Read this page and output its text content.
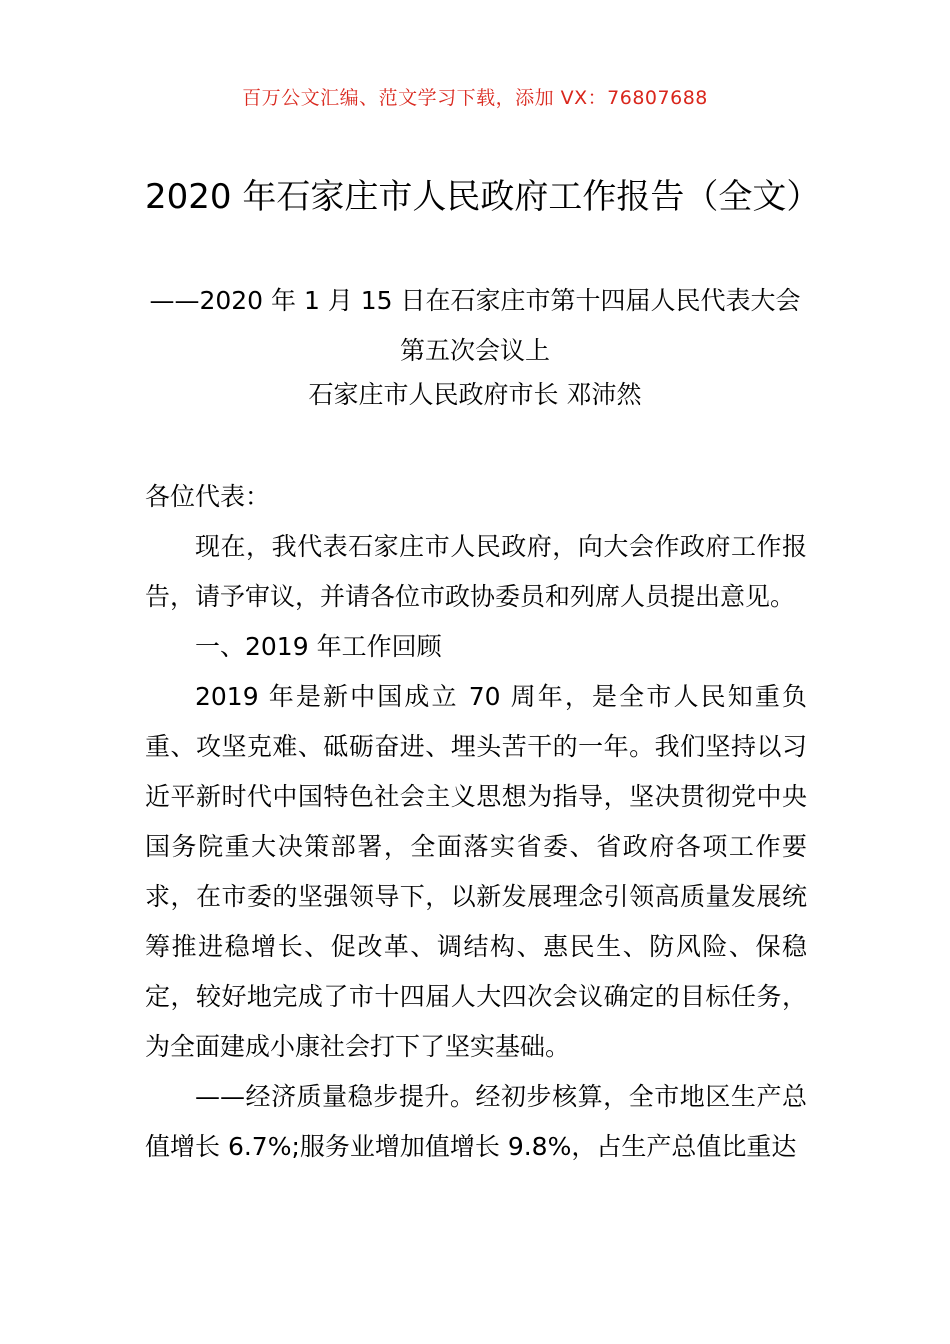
百万公文汇编、范文学习下载，添加 VX：76807688
2020 年石家庄市人民政府工作报告（全文）
——2020 年 1 月 15 日在石家庄市第十四届人民代表大会第五次会议上
石家庄市人民政府市长 邓沛然

各位代表：

现在，我代表石家庄市人民政府，向大会作政府工作报告，请予审议，并请各位市政协委员和列席人员提出意见。

一、2019 年工作回顾

2019 年是新中国成立 70 周年，是全市人民知重负重、攻坚克难、砥砺奋进、埋头苦干的一年。我们坚持以习近平新时代中国特色社会主义思想为指导，坚决贯彻党中央国务院重大决策部署，全面落实省委、省政府各项工作要求，在市委的坚强领导下，以新发展理念引领高质量发展统筹推进稳增长、促改革、调结构、惠民生、防风险、保稳定，较好地完成了市十四届人大四次会议确定的目标任务，为全面建成小康社会打下了坚实基础。

——经济质量稳步提升。经初步核算，全市地区生产总值增长 6.7%;服务业增加值增长 9.8%，占生产总值比重达
